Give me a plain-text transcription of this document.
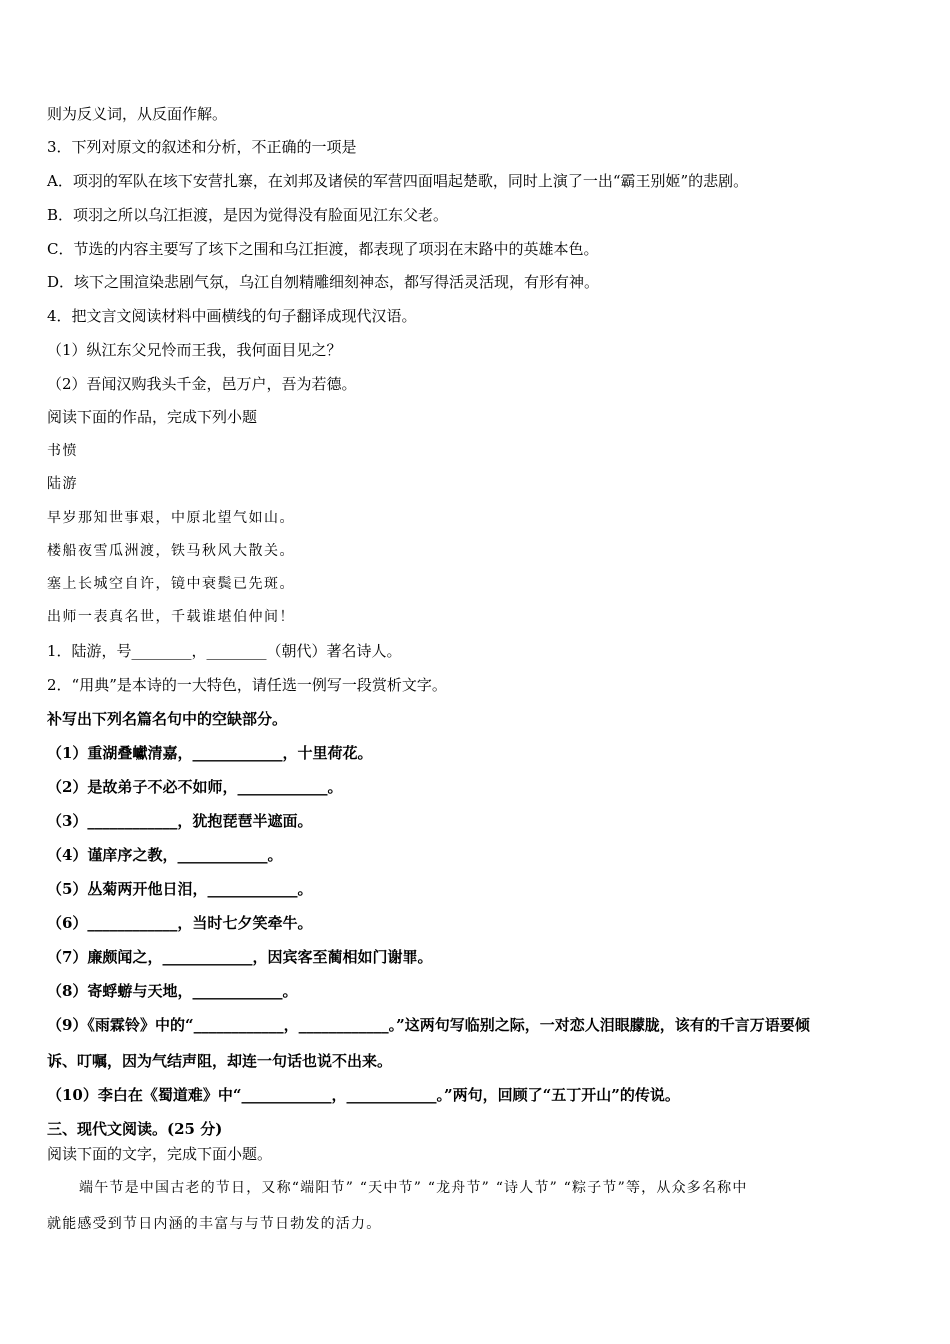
则为反义词，从反面作解。
3．下列对原文的叙述和分析，不正确的一项是
A．项羽的军队在垓下安营扎寨，在刘邦及诸侯的军营四面唱起楚歌，同时上演了一出“霸王别姬”的悲剧。
B．项羽之所以乌江拒渡，是因为觉得没有脸面见江东父老。
C．节选的内容主要写了垓下之围和乌江拒渡，都表现了项羽在末路中的英雄本色。
D．垓下之围渲染悲剧气氛，乌江自刎精雕细刻神态，都写得活灵活现，有形有神。
4．把文言文阅读材料中画横线的句子翻译成现代汉语。
（1）纵江东父兄怜而王我，我何面目见之？
（2）吾闻汉购我头千金，邑万户，吾为若德。
阅读下面的作品，完成下列小题
书愤
陆游
早岁那知世事艰，中原北望气如山。
楼船夜雪瓜洲渡，铁马秋风大散关。
塞上长城空自许，镜中衰鬓已先斑。
出师一表真名世，千载谁堪伯仲间！
1．陆游，号________，________（朝代）著名诗人。
2．“用典”是本诗的一大特色，请任选一例写一段赏析文字。
补写出下列名篇名句中的空缺部分。
（1）重湖叠巘清嘉，____________，十里荷花。
（2）是故弟子不必不如师，____________。
（3）____________，犹抱琵琶半遮面。
（4）谨庠序之教，____________。
（5）丛菊两开他日泪，____________。
（6）____________，当时七夕笑牵牛。
（7）廉颇闻之，____________，因宾客至蔺相如门谢罪。
（8）寄蜉蝣与天地，____________。
（9）《雨霖铃》中的“____________，____________。”这两句写临别之际，一对恋人泪眼朦胧，该有的千言万语要倾
诉、叮嘱，因为气结声阻，却连一句话也说不出来。
（10）李白在《蜀道难》中“____________，____________。”两句，回顾了“五丁开山”的传说。
三、现代文阅读。(25 分)
阅读下面的文字，完成下面小题。
端午节是中国古老的节日，又称“端阳节” “天中节” “龙舟节” “诗人节” “粽子节”等，从众多名称中
就能感受到节日内涵的丰富与与节日勃发的活力。
